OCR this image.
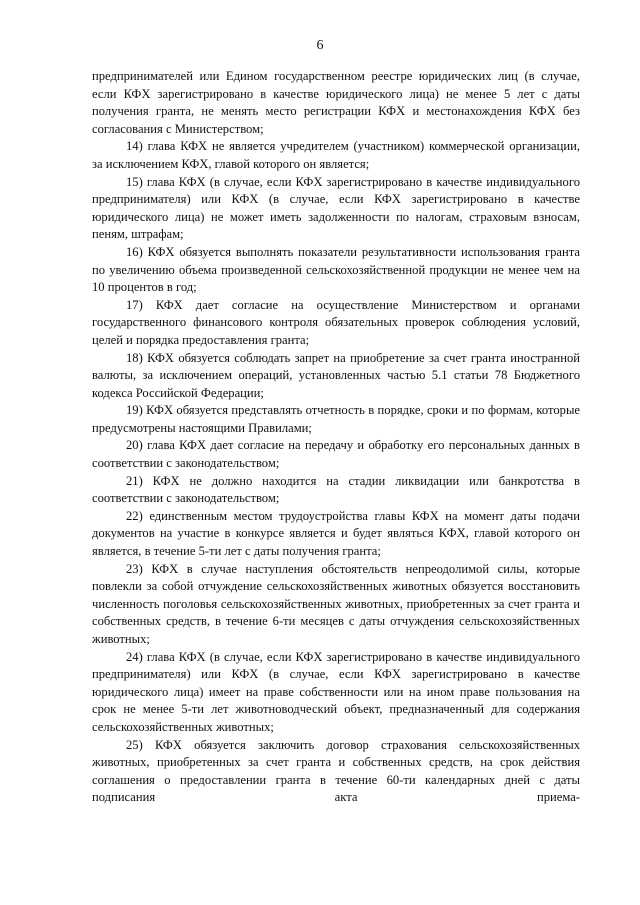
6

предпринимателей или Едином государственном реестре юридических лиц (в случае, если КФХ зарегистрировано в качестве юридического лица) не менее 5 лет с даты получения гранта, не менять место регистрации КФХ и местонахождения КФХ без согласования с Министерством;

14) глава КФХ не является учредителем (участником) коммерческой организации, за исключением КФХ, главой которого он является;

15) глава КФХ (в случае, если КФХ зарегистрировано в качестве индивидуального предпринимателя) или КФХ (в случае, если КФХ зарегистрировано в качестве юридического лица) не может иметь задолженности по налогам, страховым взносам, пеням, штрафам;

16) КФХ обязуется выполнять показатели результативности использования гранта по увеличению объема произведенной сельскохозяйственной продукции не менее чем на 10 процентов в год;

17) КФХ дает согласие на осуществление Министерством и органами государственного финансового контроля обязательных проверок соблюдения условий, целей и порядка предоставления гранта;

18) КФХ обязуется соблюдать запрет на приобретение за счет гранта иностранной валюты, за исключением операций, установленных частью 5.1 статьи 78 Бюджетного кодекса Российской Федерации;

19) КФХ обязуется представлять отчетность в порядке, сроки и по формам, которые предусмотрены настоящими Правилами;

20) глава КФХ дает согласие на передачу и обработку его персональных данных в соответствии с законодательством;

21) КФХ не должно находится на стадии ликвидации или банкротства в соответствии с законодательством;

22) единственным местом трудоустройства главы КФХ на момент даты подачи документов на участие в конкурсе является и будет являться КФХ, главой которого он является, в течение 5-ти лет с даты получения гранта;

23) КФХ в случае наступления обстоятельств непреодолимой силы, которые повлекли за собой отчуждение сельскохозяйственных животных обязуется восстановить численность поголовья сельскохозяйственных животных, приобретенных за счет гранта и собственных средств, в течение 6-ти месяцев с даты отчуждения сельскохозяйственных животных;

24) глава КФХ (в случае, если КФХ зарегистрировано в качестве индивидуального предпринимателя) или КФХ (в случае, если КФХ зарегистрировано в качестве юридического лица) имеет на праве собственности или на ином праве пользования на срок не менее 5-ти лет животноводческий объект, предназначенный для содержания сельскохозяйственных животных;

25) КФХ обязуется заключить договор страхования сельскохозяйственных животных, приобретенных за счет гранта и собственных средств, на срок действия соглашения о предоставлении гранта в течение 60-ти календарных дней с даты подписания акта приема-
